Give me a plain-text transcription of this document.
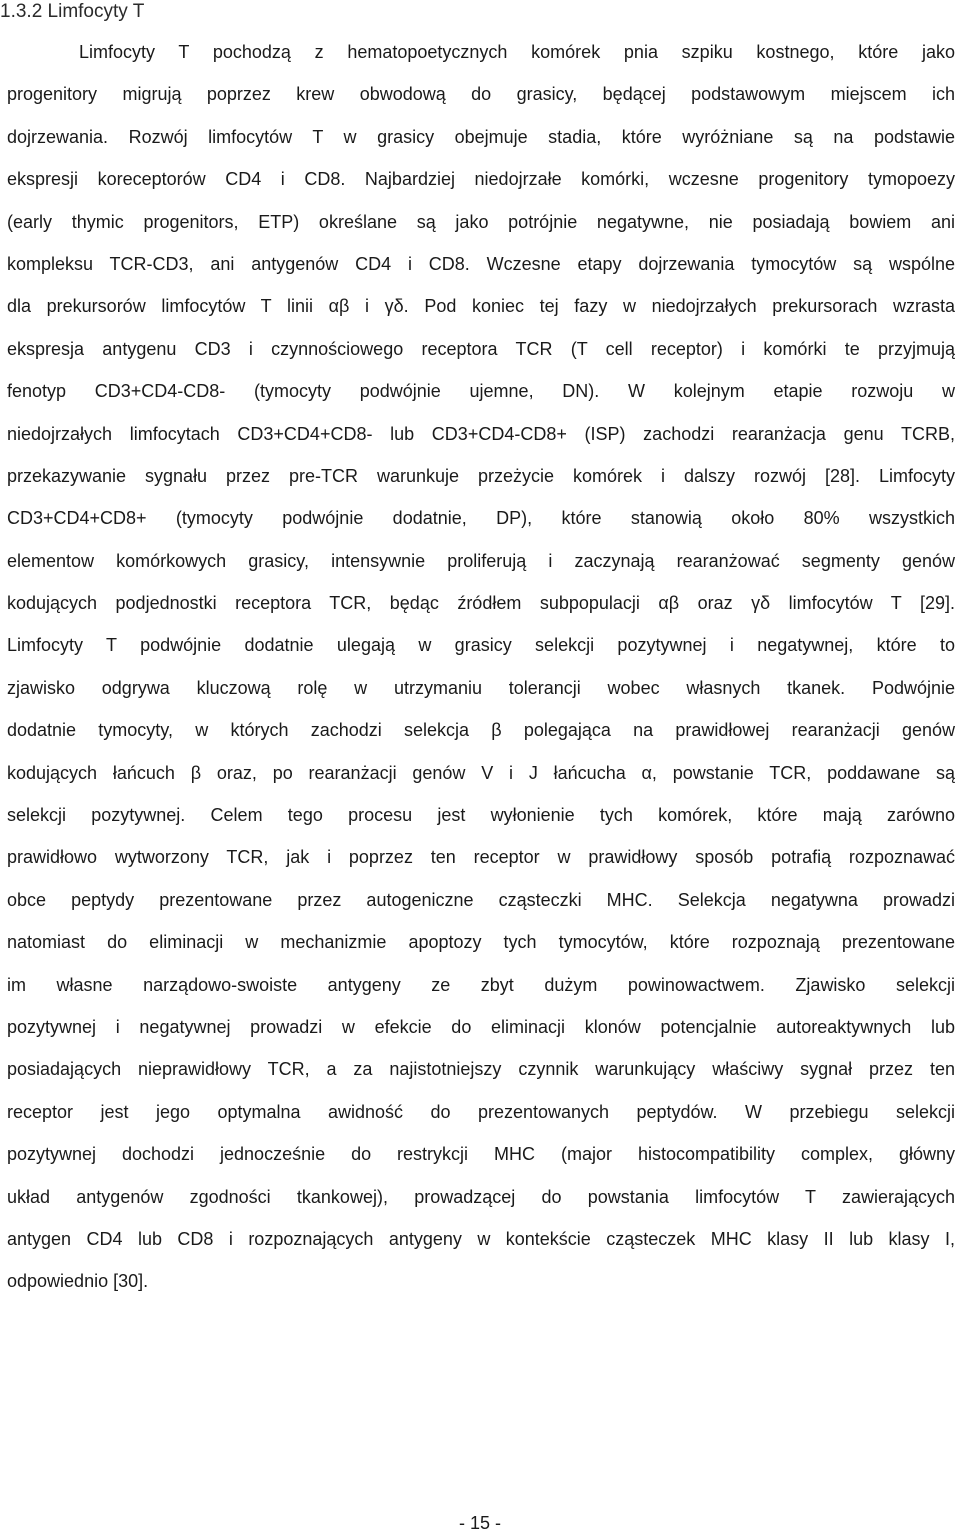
1.3.2 Limfocyty T
Limfocyty T pochodzą z hematopoetycznych komórek pnia szpiku kostnego, które jako
progenitory migrują poprzez krew obwodową do grasicy, będącej podstawowym miejscem ich
dojrzewania. Rozwój limfocytów T w grasicy obejmuje stadia, które wyróżniane są na podstawie
ekspresji koreceptorów CD4 i CD8. Najbardziej niedojrzałe komórki, wczesne progenitory tymopoezy
(early thymic progenitors, ETP) określane są jako potrójnie negatywne, nie posiadają bowiem ani
kompleksu TCR-CD3, ani antygenów CD4 i CD8. Wczesne etapy dojrzewania tymocytów są wspólne
dla prekursorów limfocytów T linii αβ i γδ. Pod koniec tej fazy w niedojrzałych prekursorach wzrasta
ekspresja antygenu CD3 i czynnościowego receptora TCR (T cell receptor) i komórki te przyjmują
fenotyp CD3+CD4-CD8- (tymocyty podwójnie ujemne, DN). W kolejnym etapie rozwoju w
niedojrzałych limfocytach CD3+CD4+CD8- lub CD3+CD4-CD8+ (ISP) zachodzi rearanżacja genu TCRB,
przekazywanie sygnału przez pre-TCR warunkuje przeżycie komórek i dalszy rozwój [28]. Limfocyty
CD3+CD4+CD8+ (tymocyty podwójnie dodatnie, DP), które stanowią około 80% wszystkich
elementow komórkowych grasicy, intensywnie proliferują i zaczynają rearanżować segmenty genów
kodujących podjednostki receptora TCR, będąc źródłem subpopulacji αβ oraz γδ limfocytów T [29].
Limfocyty T podwójnie dodatnie ulegają w grasicy selekcji pozytywnej i negatywnej, które to
zjawisko odgrywa kluczową rolę w utrzymaniu tolerancji wobec własnych tkanek. Podwójnie
dodatnie tymocyty, w których zachodzi selekcja β polegająca na prawidłowej rearanżacji genów
kodujących łańcuch β oraz, po rearanżacji genów V i J łańcucha α, powstanie TCR, poddawane są
selekcji pozytywnej. Celem tego procesu jest wyłonienie tych komórek, które mają zarówno
prawidłowo wytworzony TCR, jak i poprzez ten receptor w prawidłowy sposób potrafią rozpoznawać
obce peptydy prezentowane przez autogeniczne cząsteczki MHC. Selekcja negatywna prowadzi
natomiast do eliminacji w mechanizmie apoptozy tych tymocytów, które rozpoznają prezentowane
im własne narządowo-swoiste antygeny ze zbyt dużym powinowactwem. Zjawisko selekcji
pozytywnej i negatywnej prowadzi w efekcie do eliminacji klonów potencjalnie autoreaktywnych lub
posiadających nieprawidłowy TCR, a za najistotniejszy czynnik warunkujący właściwy sygnał przez ten
receptor jest jego optymalna awidność do prezentowanych peptydów. W przebiegu selekcji
pozytywnej dochodzi jednocześnie do restrykcji MHC (major histocompatibility complex, główny
układ antygenów zgodności tkankowej), prowadzącej do powstania limfocytów T zawierających
antygen CD4 lub CD8 i rozpoznających antygeny w kontekście cząsteczek MHC klasy II lub klasy I,
odpowiednio [30].
- 15 -
